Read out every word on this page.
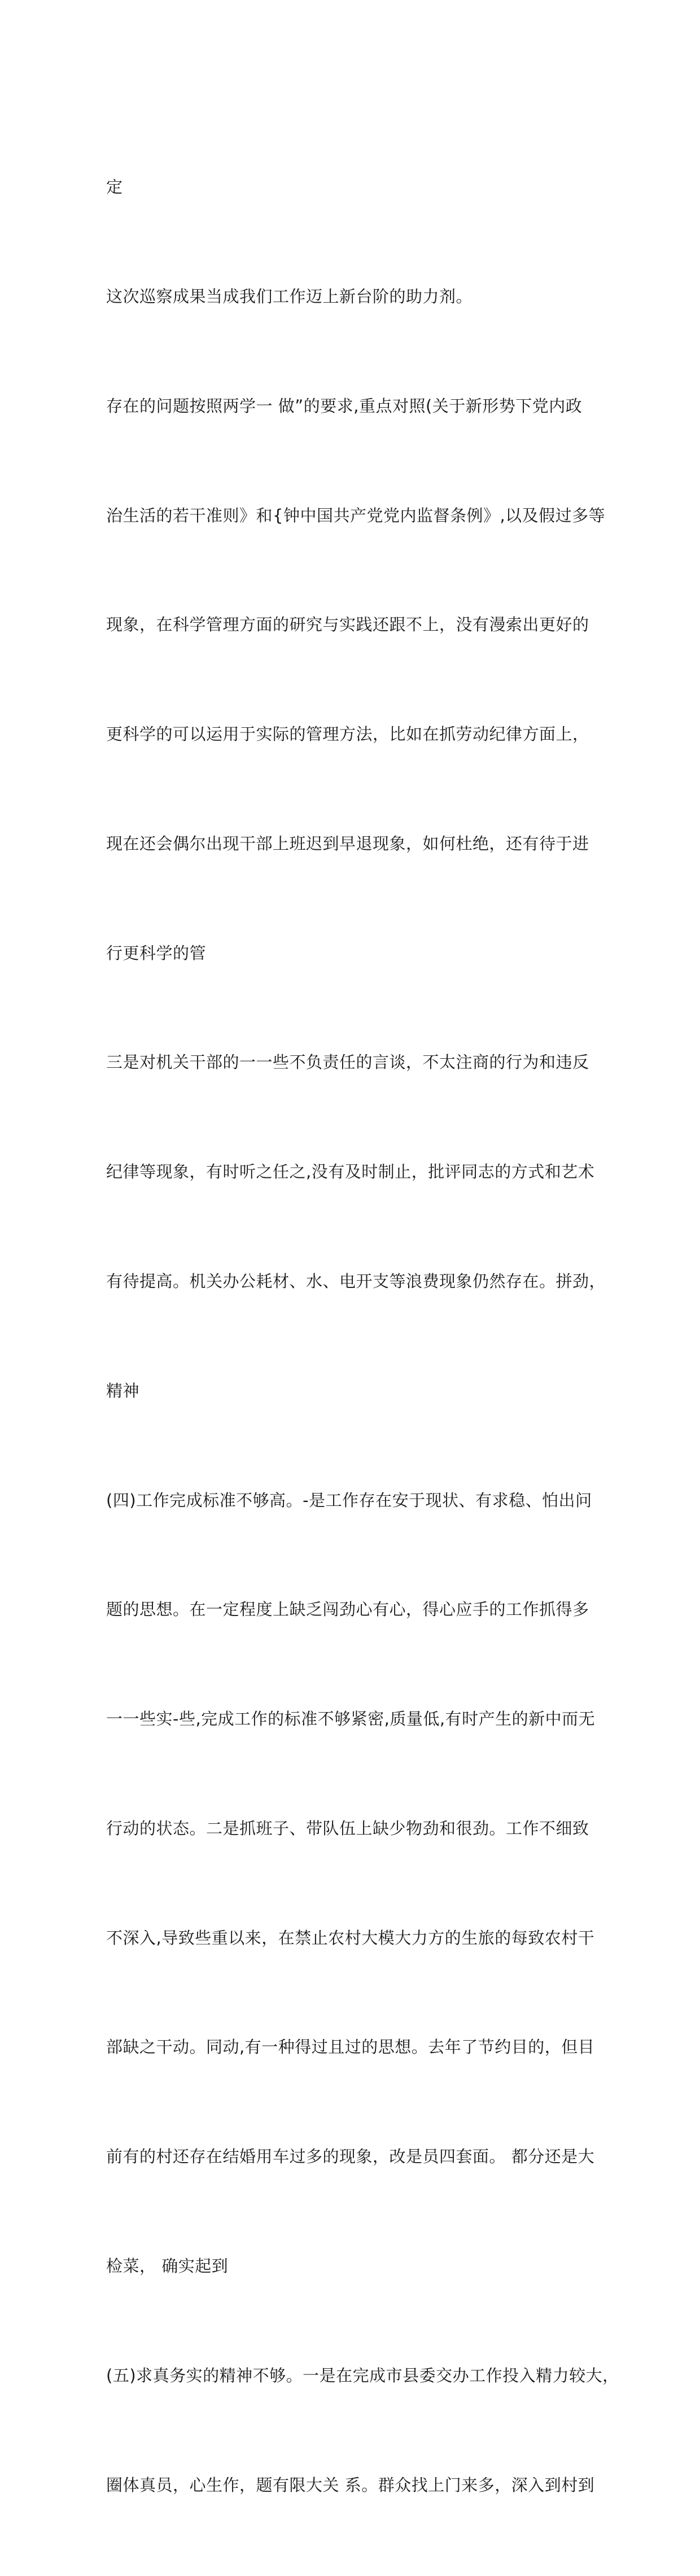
定

这次巡察成果当成我们工作迈上新台阶的助力剂。

存在的问题按照两学一 做”的要求,重点对照(关于新形势下党内政

治生活的若干准则》和{钟中国共产党党内监督条例》,以及假过多等

现象，在科学管理方面的研究与实践还跟不上，没有漫索出更好的

更科学的可以运用于实际的管理方法，比如在抓劳动纪律方面上，

现在还会偶尔出现干部上班迟到早退现象，如何杜绝，还有待于进

行更科学的管

三是对机关干部的一一些不负责任的言谈，不太注商的行为和违反

纪律等现象，有时听之任之,没有及时制止，批评同志的方式和艺术

有待提高。机关办公耗材、水、电开支等浪费现象仍然存在。拼劲，

精神

(四)工作完成标准不够高。-是工作存在安于现状、有求稳、怕出问

题的思想。在一定程度上缺乏闯劲心有心，得心应手的工作抓得多

一一些实-些,完成工作的标准不够紧密,质量低,有时产生的新中而无

行动的状态。二是抓班子、带队伍上缺少物劲和很劲。工作不细致

不深入,导致些重以来，在禁止农村大模大力方的生旅的每致农村干

部缺之干动。同动,有一种得过且过的思想。去年了节约目的，但目

前有的村还存在结婚用车过多的现象，改是员四套面。 都分还是大

检菜， 确实起到

(五)求真务实的精神不够。一是在完成市县委交办工作投入精力较大，

圈体真员，心生作，题有限大关 系。群众找上门来多，深入到村到
